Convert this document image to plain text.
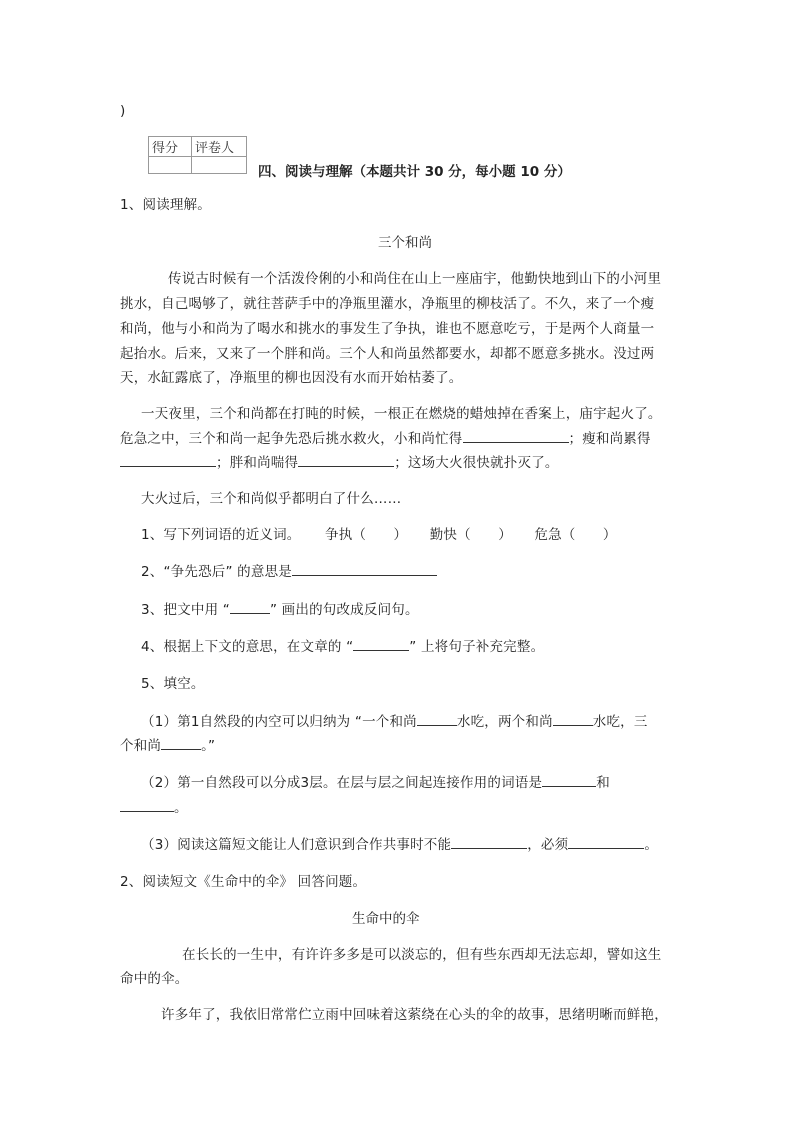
)
得分	评卷人

四、阅读与理解（本题共计 30 分，每小题 10 分）
1、阅读理解。
三个和尚
传说古时候有一个活泼伶俐的小和尚住在山上一座庙宇，他勤快地到山下的小河里
挑水，自己喝够了，就往菩萨手中的净瓶里灌水，净瓶里的柳枝活了。不久，来了一个瘦
和尚，他与小和尚为了喝水和挑水的事发生了争执，谁也不愿意吃亏，于是两个人商量一
起抬水。后来，又来了一个胖和尚。三个人和尚虽然都要水，却都不愿意多挑水。没过两
天，水缸露底了，净瓶里的柳也因没有水而开始枯萎了。
一天夜里，三个和尚都在打盹的时候，一根正在燃烧的蜡烛掉在香案上，庙宇起火了。
危急之中，三个和尚一起争先恐后挑水救火，小和尚忙得	；瘦和尚累得
；胖和尚喘得	；这场大火很快就扑灭了。
大火过后，三个和尚似乎都明白了什么……
1、写下列词语的近义词。 争执（　　） 勤快（　　） 危急（　　）
2、“争先恐后” 的意思是
3、把文中用 “	” 画出的句改成反问句。
4、根据上下文的意思，在文章的 “	” 上将句子补充完整。
5、填空。
（1）第1自然段的内空可以归纳为 “一个和尚	水吃，两个和尚	水吃，三
个和尚	。”
（2）第一自然段可以分成3层。在层与层之间起连接作用的词语是	和
。
（3）阅读这篇短文能让人们意识到合作共事时不能	，必须	。
2、阅读短文《生命中的伞》 回答问题。
生命中的伞
在长长的一生中，有许许多多是可以淡忘的，但有些东西却无法忘却，譬如这生
命中的伞。
许多年了，我依旧常常伫立雨中回味着这萦绕在心头的伞的故事，思绪明晰而鲜艳，
